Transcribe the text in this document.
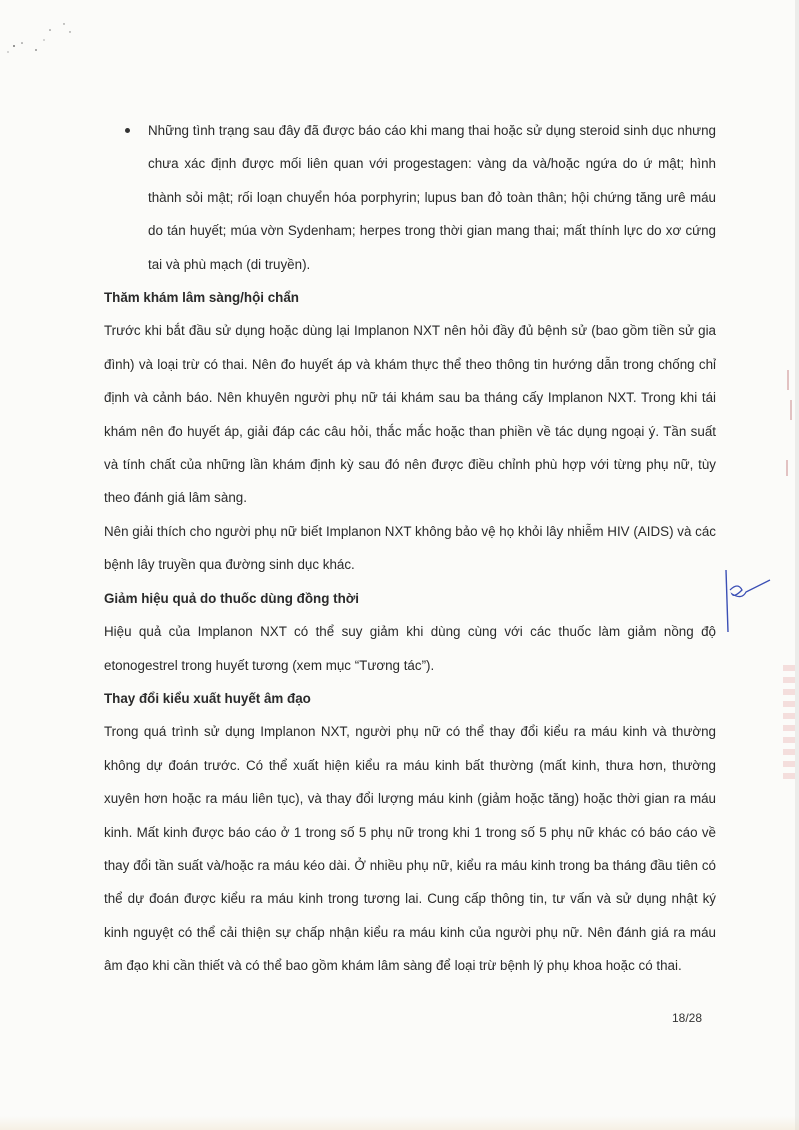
Những tình trạng sau đây đã được báo cáo khi mang thai hoặc sử dụng steroid sinh dục nhưng chưa xác định được mối liên quan với progestagen: vàng da và/hoặc ngứa do ứ mật; hình thành sỏi mật; rối loạn chuyển hóa porphyrin; lupus ban đỏ toàn thân; hội chứng tăng urê máu do tán huyết; múa vờn Sydenham; herpes trong thời gian mang thai; mất thính lực do xơ cứng tai và phù mạch (di truyền).

Thăm khám lâm sàng/hội chẩn

Trước khi bắt đầu sử dụng hoặc dùng lại Implanon NXT nên hỏi đầy đủ bệnh sử (bao gồm tiền sử gia đình) và loại trừ có thai. Nên đo huyết áp và khám thực thể theo thông tin hướng dẫn trong chống chỉ định và cảnh báo. Nên khuyên người phụ nữ tái khám sau ba tháng cấy Implanon NXT. Trong khi tái khám nên đo huyết áp, giải đáp các câu hỏi, thắc mắc hoặc than phiền về tác dụng ngoại ý. Tần suất và tính chất của những lần khám định kỳ sau đó nên được điều chỉnh phù hợp với từng phụ nữ, tùy theo đánh giá lâm sàng.

Nên giải thích cho người phụ nữ biết Implanon NXT không bảo vệ họ khỏi lây nhiễm HIV (AIDS) và các bệnh lây truyền qua đường sinh dục khác.

Giảm hiệu quả do thuốc dùng đồng thời

Hiệu quả của Implanon NXT có thể suy giảm khi dùng cùng với các thuốc làm giảm nồng độ etonogestrel trong huyết tương (xem mục “Tương tác”).

Thay đổi kiểu xuất huyết âm đạo

Trong quá trình sử dụng Implanon NXT, người phụ nữ có thể thay đổi kiểu ra máu kinh và thường không dự đoán trước. Có thể xuất hiện kiểu ra máu kinh bất thường (mất kinh, thưa hơn, thường xuyên hơn hoặc ra máu liên tục), và thay đổi lượng máu kinh (giảm hoặc tăng) hoặc thời gian ra máu kinh. Mất kinh được báo cáo ở 1 trong số 5 phụ nữ trong khi 1 trong số 5 phụ nữ khác có báo cáo về thay đổi tần suất và/hoặc ra máu kéo dài. Ở nhiều phụ nữ, kiểu ra máu kinh trong ba tháng đầu tiên có thể dự đoán được kiểu ra máu kinh trong tương lai. Cung cấp thông tin, tư vấn và sử dụng nhật ký kinh nguyệt có thể cải thiện sự chấp nhận kiểu ra máu kinh của người phụ nữ. Nên đánh giá ra máu âm đạo khi cần thiết và có thể bao gồm khám lâm sàng để loại trừ bệnh lý phụ khoa hoặc có thai.

18/28
